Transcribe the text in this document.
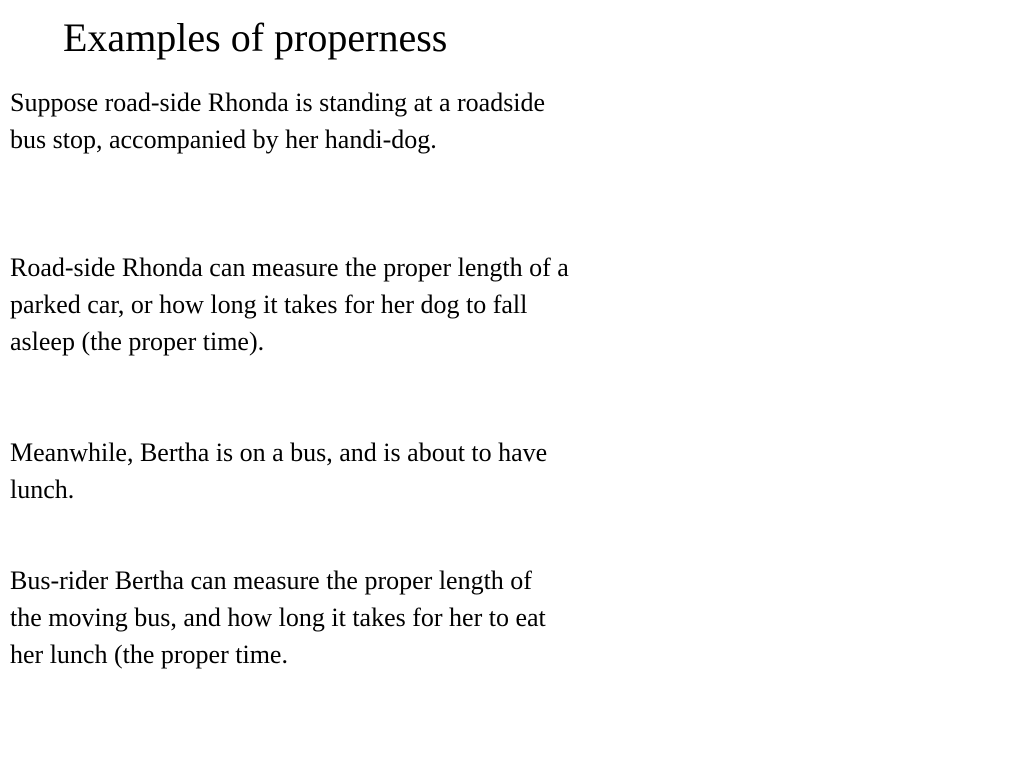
Examples of properness

Suppose road-side Rhonda is standing at a roadside bus stop, accompanied by her handi-dog.

Road-side Rhonda can measure the proper length of a parked car, or how long it takes for her dog to fall asleep (the proper time).

Meanwhile, Bertha is on a bus, and is about to have lunch.

Bus-rider Bertha can measure the proper length of the moving bus, and how long it takes for her to eat her lunch (the proper time.
